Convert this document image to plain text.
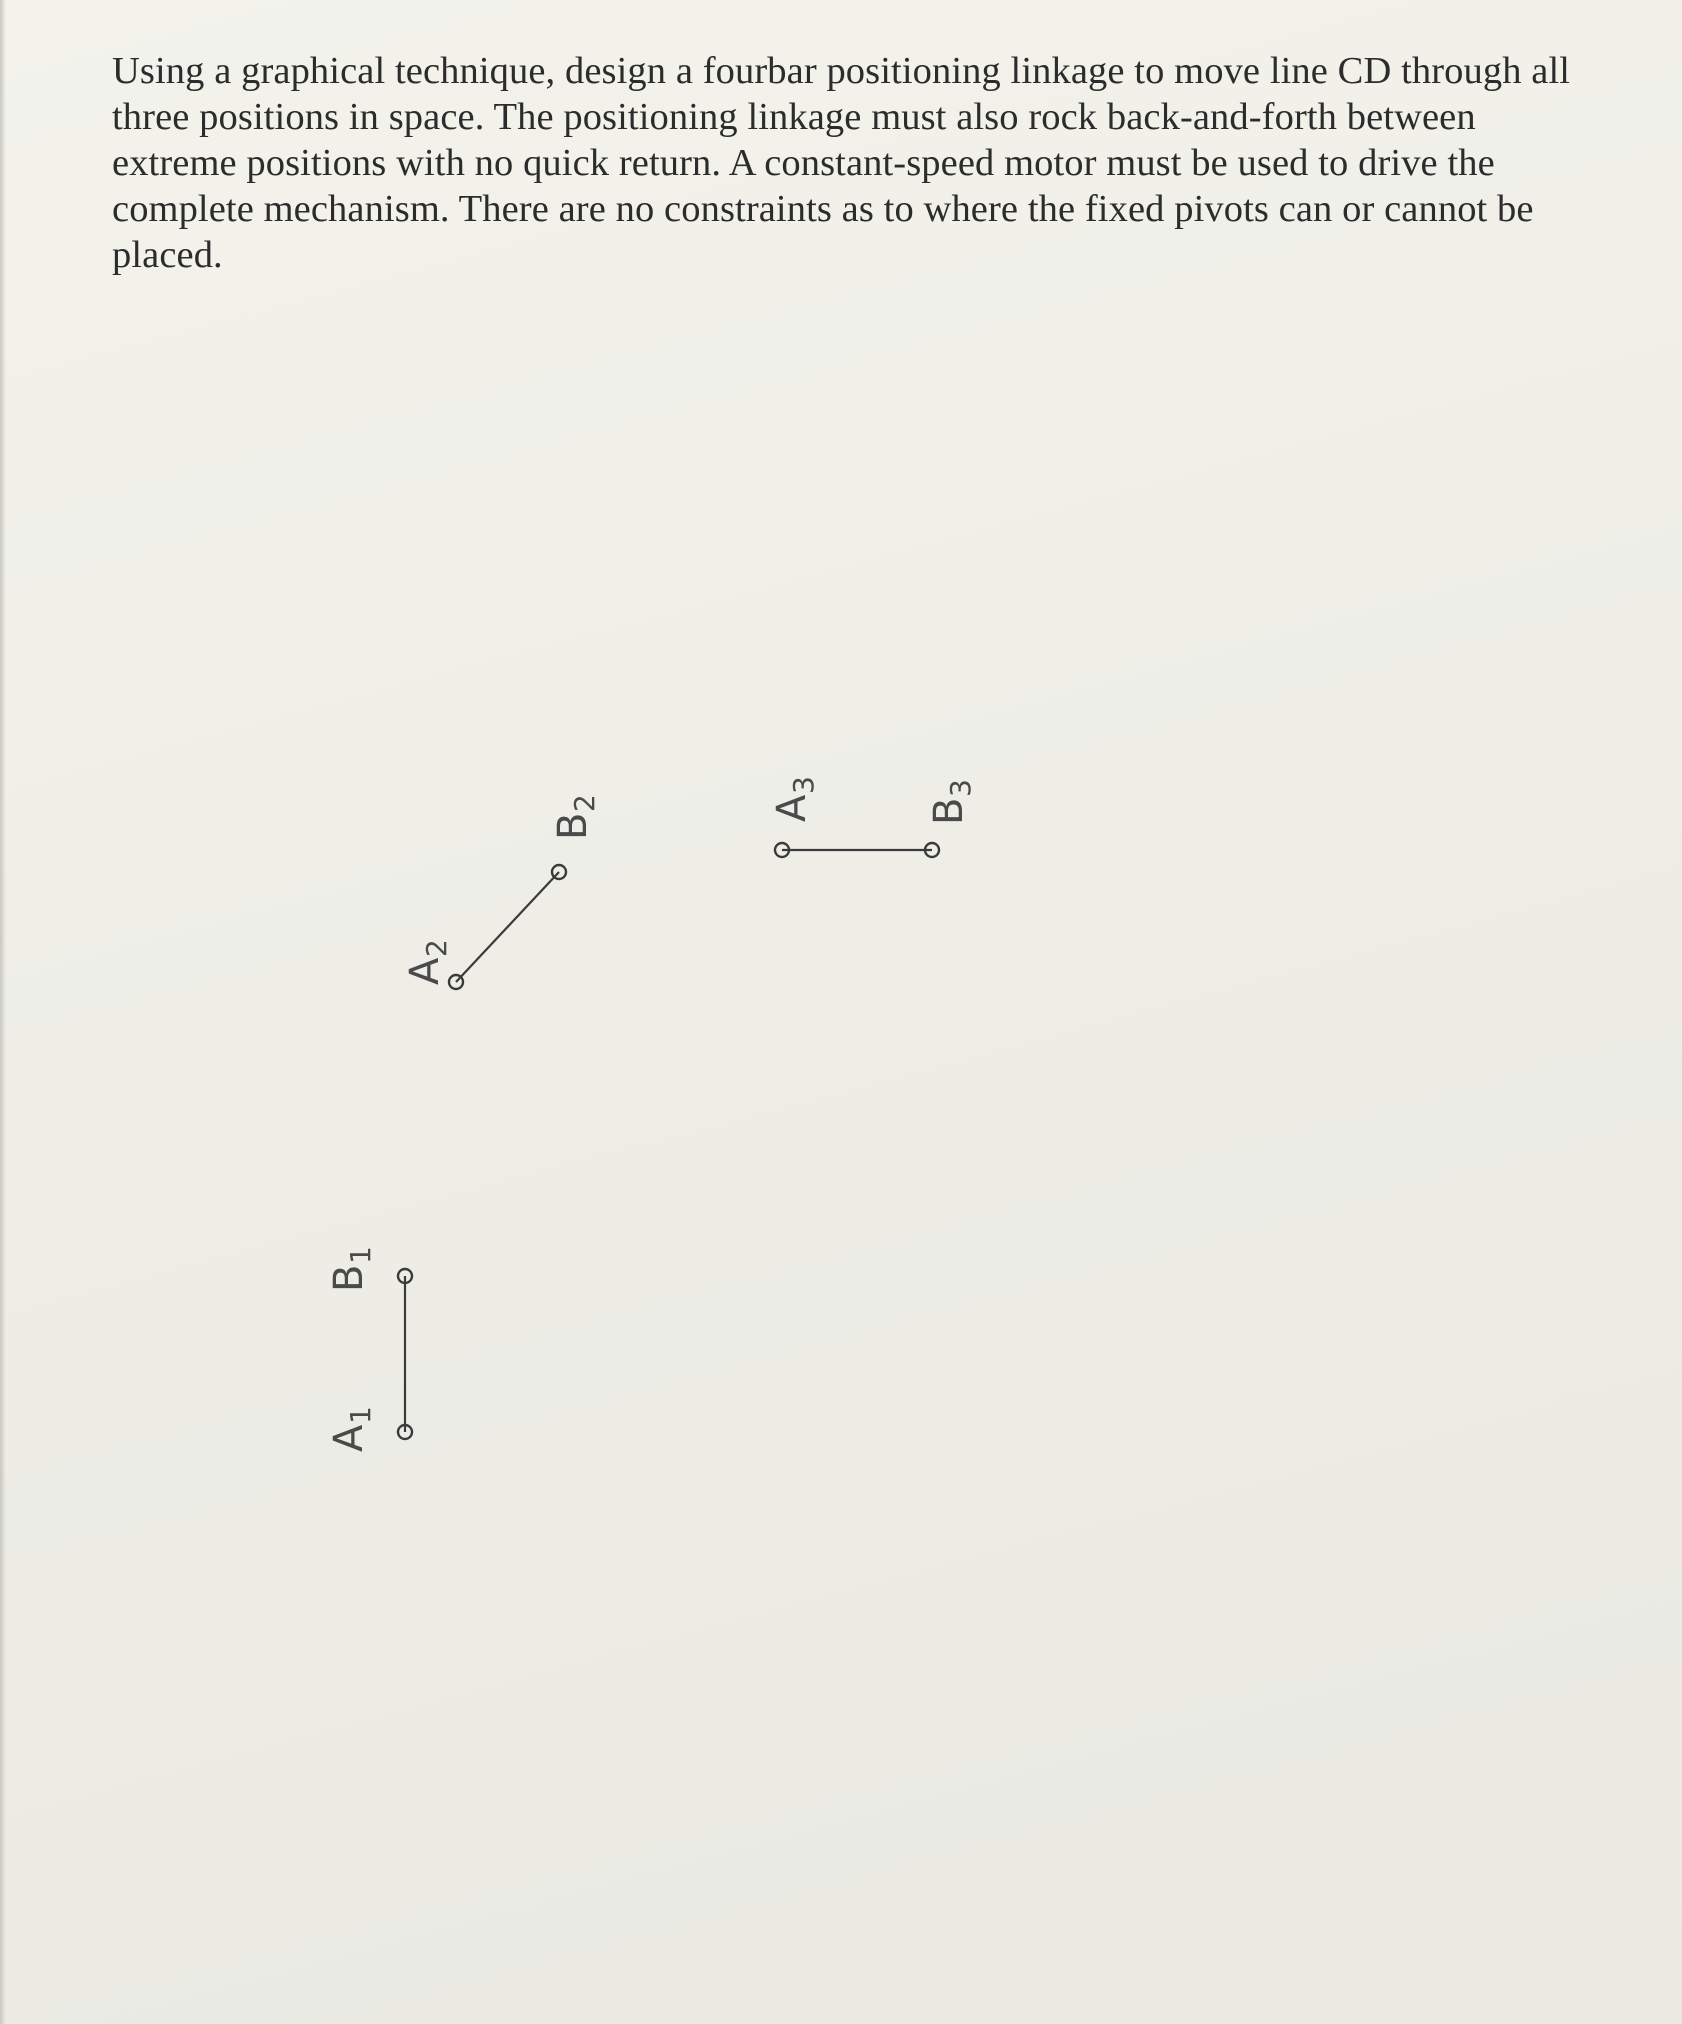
Using a graphical technique, design a fourbar positioning linkage to move line CD through all three positions in space. The positioning linkage must also rock back-and-forth between extreme positions with no quick return. A constant-speed motor must be used to drive the complete mechanism. There are no constraints as to where the fixed pivots can or cannot be placed.

A
1
B
1
A
2
B
2	A
3
B
3
